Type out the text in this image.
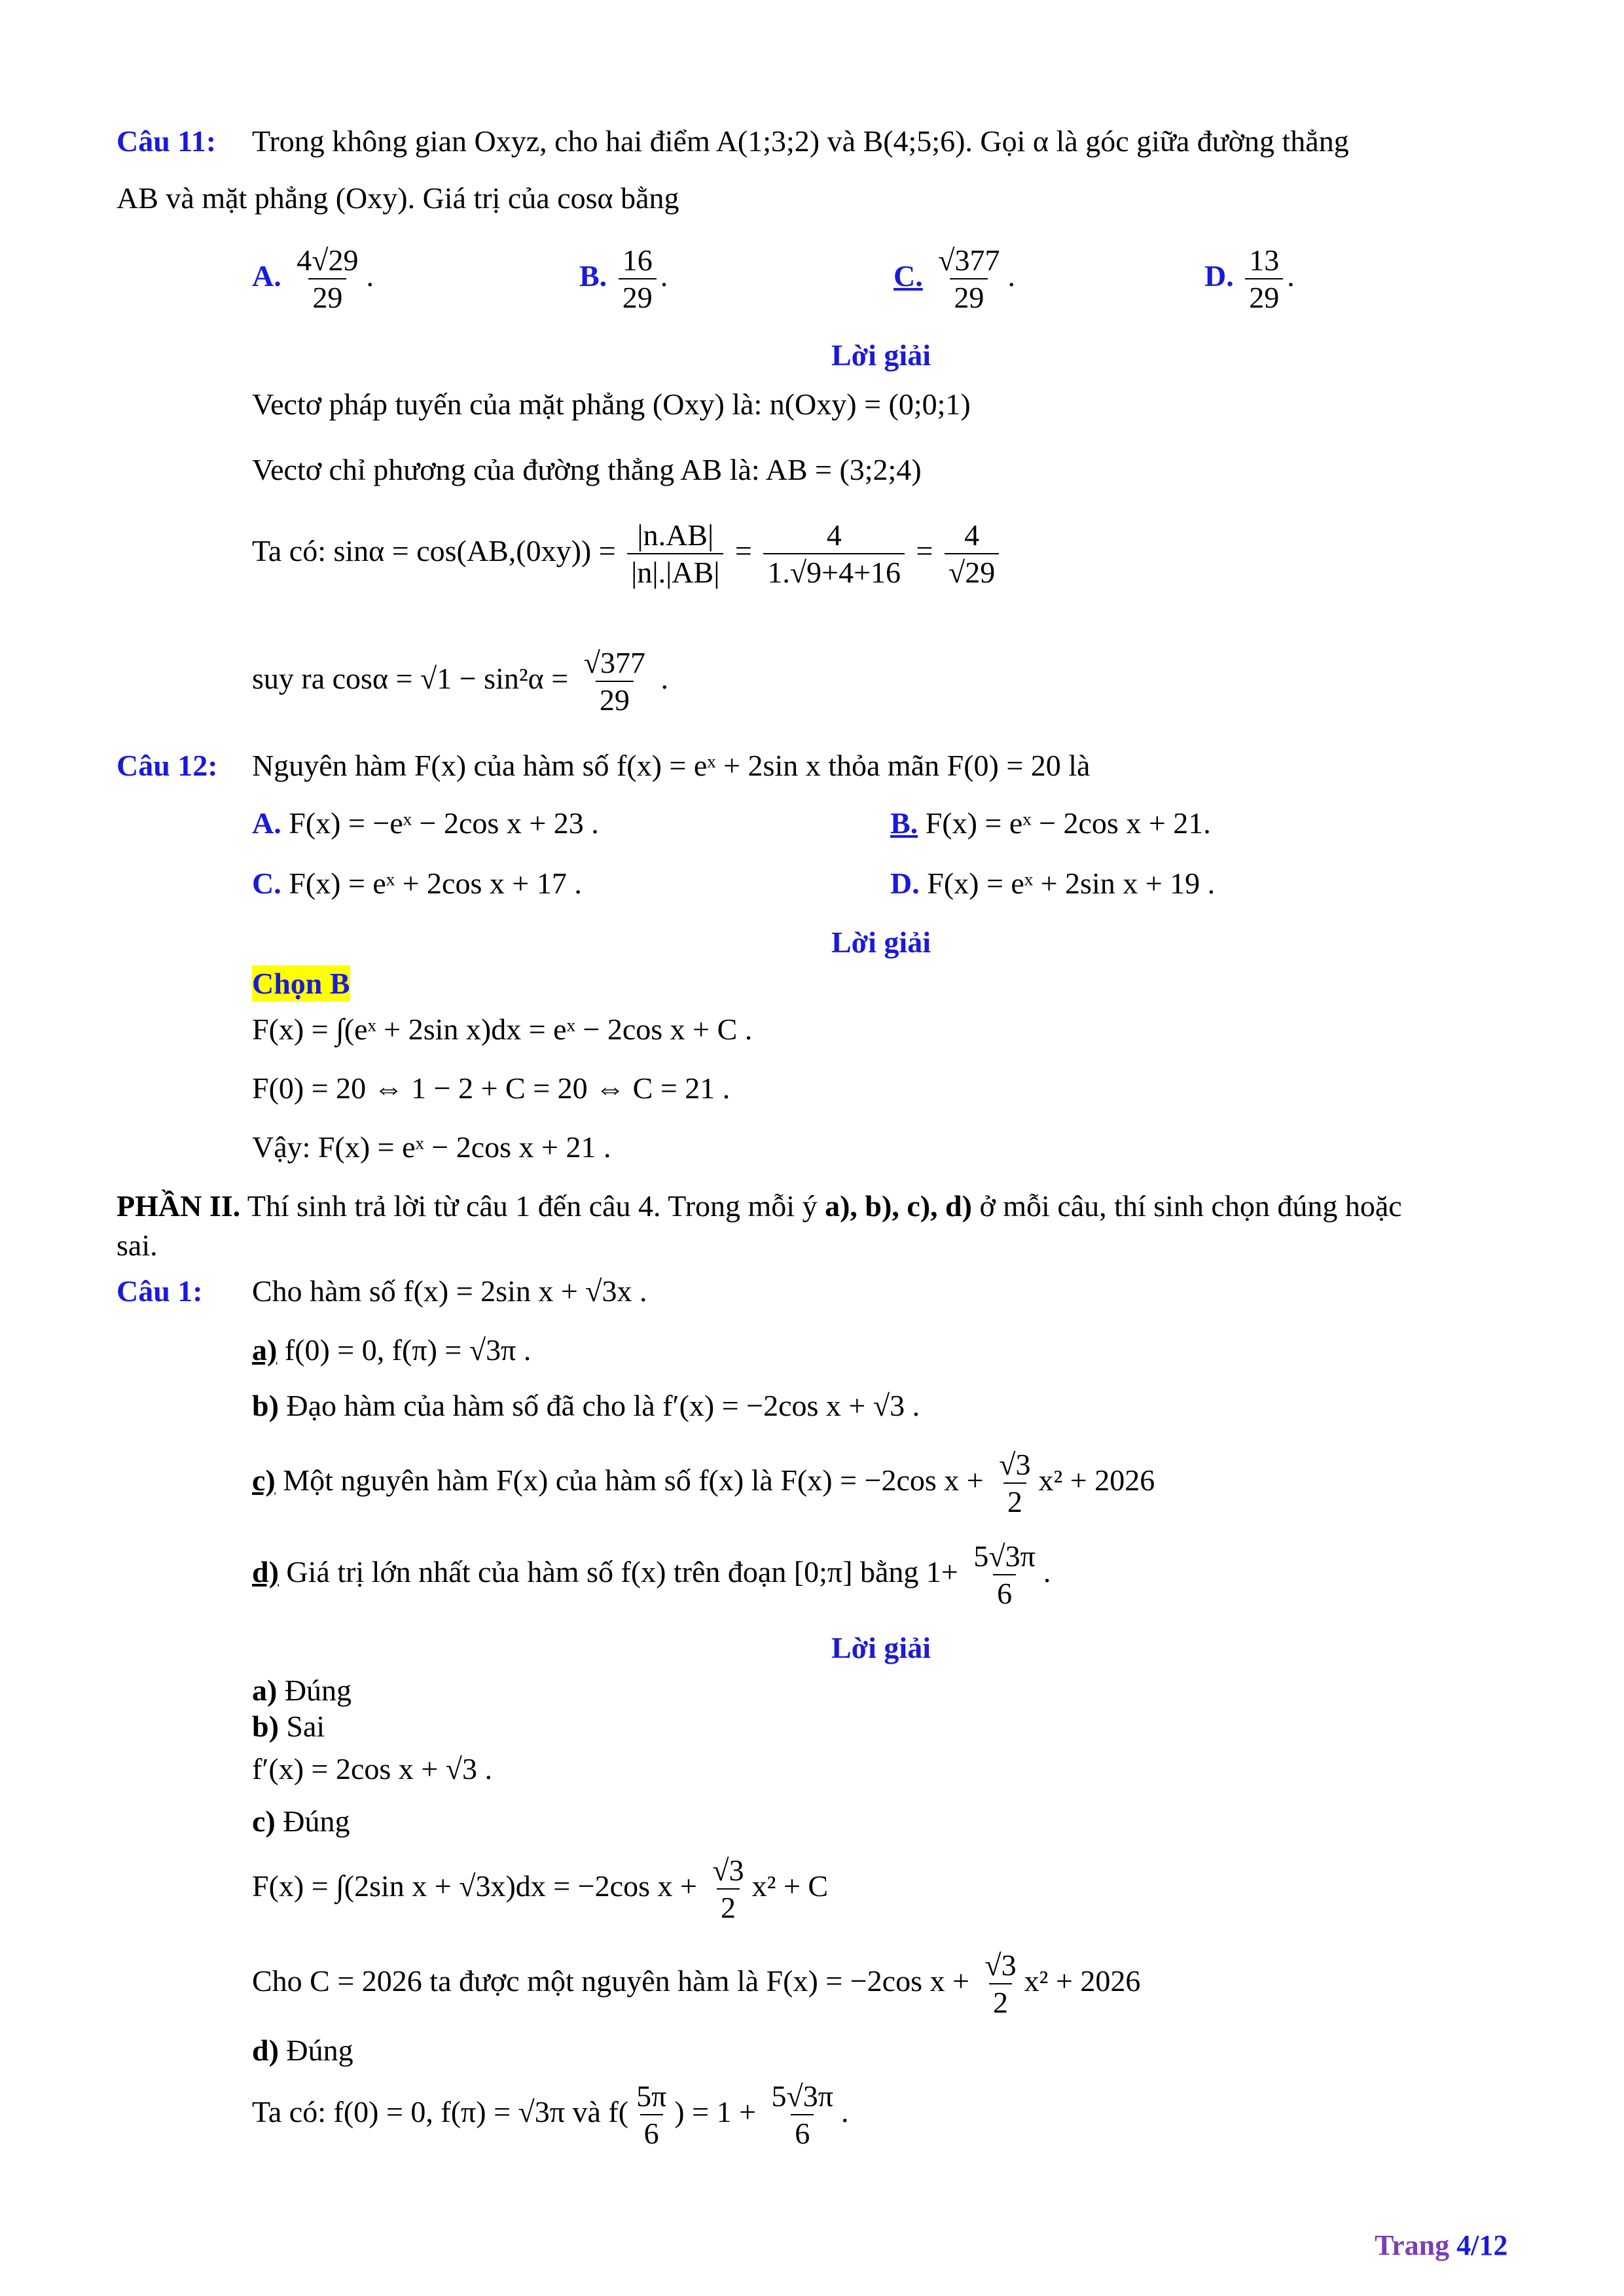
Câu 11: Trong không gian Oxyz, cho hai điểm A(1;3;2) và B(4;5;6). Gọi α là góc giữa đường thẳng
AB và mặt phẳng (Oxy). Giá trị của cosα bằng
A. $\frac{4√29}{29}$ .	B. $\frac{16}{29}$ .	C. $\frac{√377}{29}$ .	D. $\frac{13}{29}$ .
Lời giải
Vectơ pháp tuyến của mặt phẳng (Oxy) là: n(Oxy) = (0;0;1)
Vectơ chỉ phương của đường thẳng AB là: AB = (3;2;4)
Ta có: $\sin\alpha = \cos(AB,(0xy)) = \frac{|n.AB|}{|n|.|AB|} = \frac{4}{1.√9+4+16} = \frac{4}{√29}$
suy ra $\cos\alpha = √1 - \sin^2\alpha = \frac{√377}{29}$ .
Câu 12: Nguyên hàm F(x) của hàm số f(x) = eˣ + 2sin x thỏa mãn F(0) = 20 là
A. F(x) = −eˣ − 2cos x + 23 .	B. F(x) = eˣ − 2cos x + 21.
C. F(x) = eˣ + 2cos x + 17 .	D. F(x) = eˣ + 2sin x + 19 .
Lời giải
Chọn B
F(x) = ∫(eˣ + 2sin x)dx = eˣ − 2cos x + C .
F(0) = 20 ⇔ 1 − 2 + C = 20 ⇔ C = 21 .
Vậy: F(x) = eˣ − 2cos x + 21 .
PHẦN II. Thí sinh trả lời từ câu 1 đến câu 4. Trong mỗi ý a), b), c), d) ở mỗi câu, thí sinh chọn đúng hoặc
sai.
Câu 1: Cho hàm số f(x) = 2sin x + √3x .
a) f(0) = 0, f(π) = √3π .
b) Đạo hàm của hàm số đã cho là f′(x) = −2cos x + √3 .
c) Một nguyên hàm F(x) của hàm số f(x) là F(x) = −2cos $x + \frac{√3}{2} x^2 + 2026$
d) Giá trị lớn nhất của hàm số f(x) trên đoạn [0;π] bằng $1+ \frac{5√3\pi}{6}$ .
Lời giải
a) Đúng
b) Sai
f′(x) = 2cos x + √3 .
c) Đúng
F(x) = ∫(2sin x + √3x)dx = −2cos $x + \frac{√3}{2} x^2 + C$
Cho C = 2026 ta được một nguyên hàm là F(x) = −2cos $x + \frac{√3}{2} x^2 + 2026$
d) Đúng
Ta có: f(0) = 0, f(π) = √3π và $f( \frac{5\pi}{6}$ ) = $1 + \frac{5√3\pi}{6}$ .
Trang 4/12
